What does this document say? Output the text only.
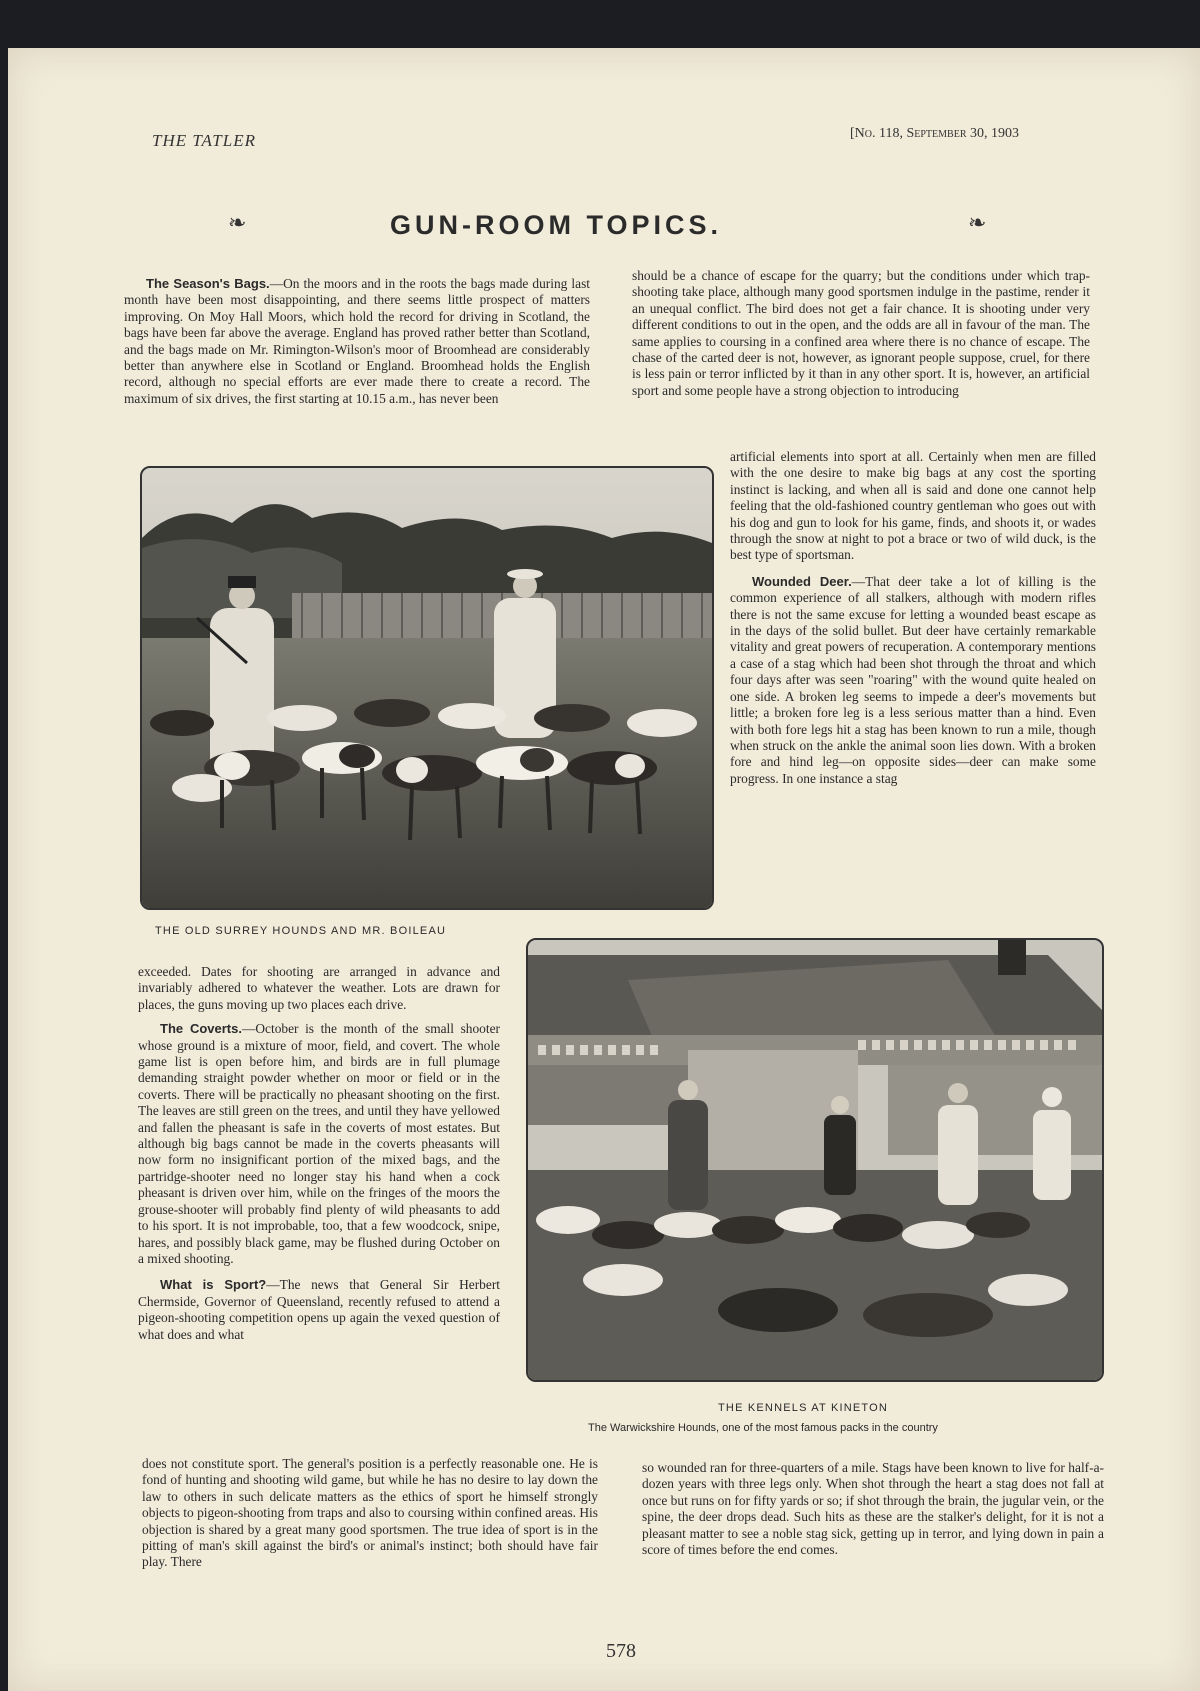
THE TATLER	[No. 118, September 30, 1903
❧	GUN-ROOM TOPICS.	❧

The Season's Bags.—On the moors and in the roots the bags made during last month have been most disappointing, and there seems little prospect of matters improving. On Moy Hall Moors, which hold the record for driving in Scotland, the bags have been far above the average. England has proved rather better than Scotland, and the bags made on Mr. Rimington-Wilson's moor of Broomhead are considerably better than anywhere else in Scotland or England. Broomhead holds the English record, although no special efforts are ever made there to create a record. The maximum of six drives, the first starting at 10.15 a.m., has never been

should be a chance of escape for the quarry; but the conditions under which trap-shooting take place, although many good sportsmen indulge in the pastime, render it an unequal conflict. The bird does not get a fair chance. It is shooting under very different conditions to out in the open, and the odds are all in favour of the man. The same applies to coursing in a confined area where there is no chance of escape. The chase of the carted deer is not, however, as ignorant people suppose, cruel, for there is less pain or terror inflicted by it than in any other sport. It is, however, an artificial sport and some people have a strong objection to introducing

artificial elements into sport at all. Certainly when men are filled with the one desire to make big bags at any cost the sporting instinct is lacking, and when all is said and done one cannot help feeling that the old-fashioned country gentleman who goes out with his dog and gun to look for his game, finds, and shoots it, or wades through the snow at night to pot a brace or two of wild duck, is the best type of sportsman.

Wounded Deer.—That deer take a lot of killing is the common experience of all stalkers, although with modern rifles there is not the same excuse for letting a wounded beast escape as in the days of the solid bullet. But deer have certainly remarkable vitality and great powers of recuperation. A contemporary mentions a case of a stag which had been shot through the throat and which four days after was seen "roaring" with the wound quite healed on one side. A broken leg seems to impede a deer's movements but little; a broken fore leg is a less serious matter than a hind. Even with both fore legs hit a stag has been known to run a mile, though when struck on the ankle the animal soon lies down. With a broken fore and hind leg—on opposite sides—deer can make some progress. In one instance a stag

THE OLD SURREY HOUNDS AND MR. BOILEAU

exceeded. Dates for shooting are arranged in advance and invariably adhered to whatever the weather. Lots are drawn for places, the guns moving up two places each drive.

The Coverts.—October is the month of the small shooter whose ground is a mixture of moor, field, and covert. The whole game list is open before him, and birds are in full plumage demanding straight powder whether on moor or field or in the coverts. There will be practically no pheasant shooting on the first. The leaves are still green on the trees, and until they have yellowed and fallen the pheasant is safe in the coverts of most estates. But although big bags cannot be made in the coverts pheasants will now form no insignificant portion of the mixed bags, and the partridge-shooter need no longer stay his hand when a cock pheasant is driven over him, while on the fringes of the moors the grouse-shooter will probably find plenty of wild pheasants to add to his sport. It is not improbable, too, that a few woodcock, snipe, hares, and possibly black game, may be flushed during October on a mixed shooting.

What is Sport?—The news that General Sir Herbert Chermside, Governor of Queensland, recently refused to attend a pigeon-shooting competition opens up again the vexed question of what does and what

THE KENNELS AT KINETON
The Warwickshire Hounds, one of the most famous packs in the country

does not constitute sport. The general's position is a perfectly reasonable one. He is fond of hunting and shooting wild game, but while he has no desire to lay down the law to others in such delicate matters as the ethics of sport he himself strongly objects to pigeon-shooting from traps and also to coursing within confined areas. His objection is shared by a great many good sportsmen. The true idea of sport is in the pitting of man's skill against the bird's or animal's instinct; both should have fair play. There

so wounded ran for three-quarters of a mile. Stags have been known to live for half-a-dozen years with three legs only. When shot through the heart a stag does not fall at once but runs on for fifty yards or so; if shot through the brain, the jugular vein, or the spine, the deer drops dead. Such hits as these are the stalker's delight, for it is not a pleasant matter to see a noble stag sick, getting up in terror, and lying down in pain a score of times before the end comes.

578
